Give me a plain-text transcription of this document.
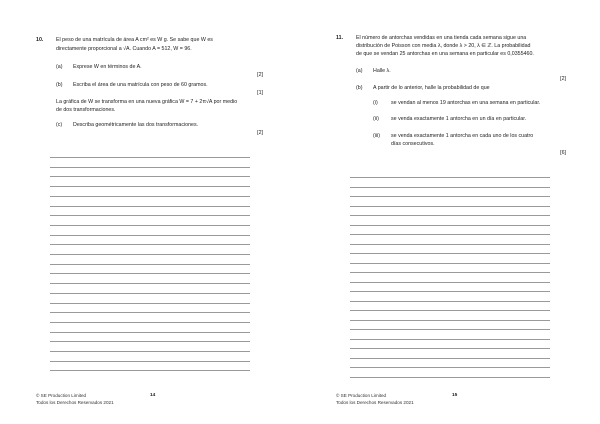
10. El peso de una matrícula de área A cm² es W g. Se sabe que W es
directamente proporcional a √A. Cuando A = 512, W = 96.
(a) Exprese W en términos de A.
[2]
(b) Escriba el área de una matrícula con peso de 60 gramos.
[1]
La gráfica de W se transforma en una nueva gráfica W = 7 + 2π√A por medio
de dos transformaciones.
(c) Describa geométricamente las dos transformaciones.
[2]
© SE Production Limited
Todos los Derechos Reservados 2021
14
11. El número de antorchas vendidas en una tienda cada semana sigue una
distribución de Poisson con media λ, donde λ > 20, λ ∈ ℤ. La probabilidad
de que se vendan 25 antorchas en una semana en particular es 0,0355460.
(a) Halle λ.
[2]
(b) A partir de lo anterior, halle la probabilidad de que
(i)	se vendan al menos 19 antorchas en una semana en particular.
(ii) se venda exactamente 1 antorcha en un día en particular.
(iii) se venda exactamente 1 antorcha en cada uno de los cuatro
días consecutivos.
[6]
© SE Production Limited
Todos los Derechos Reservados 2021
15
